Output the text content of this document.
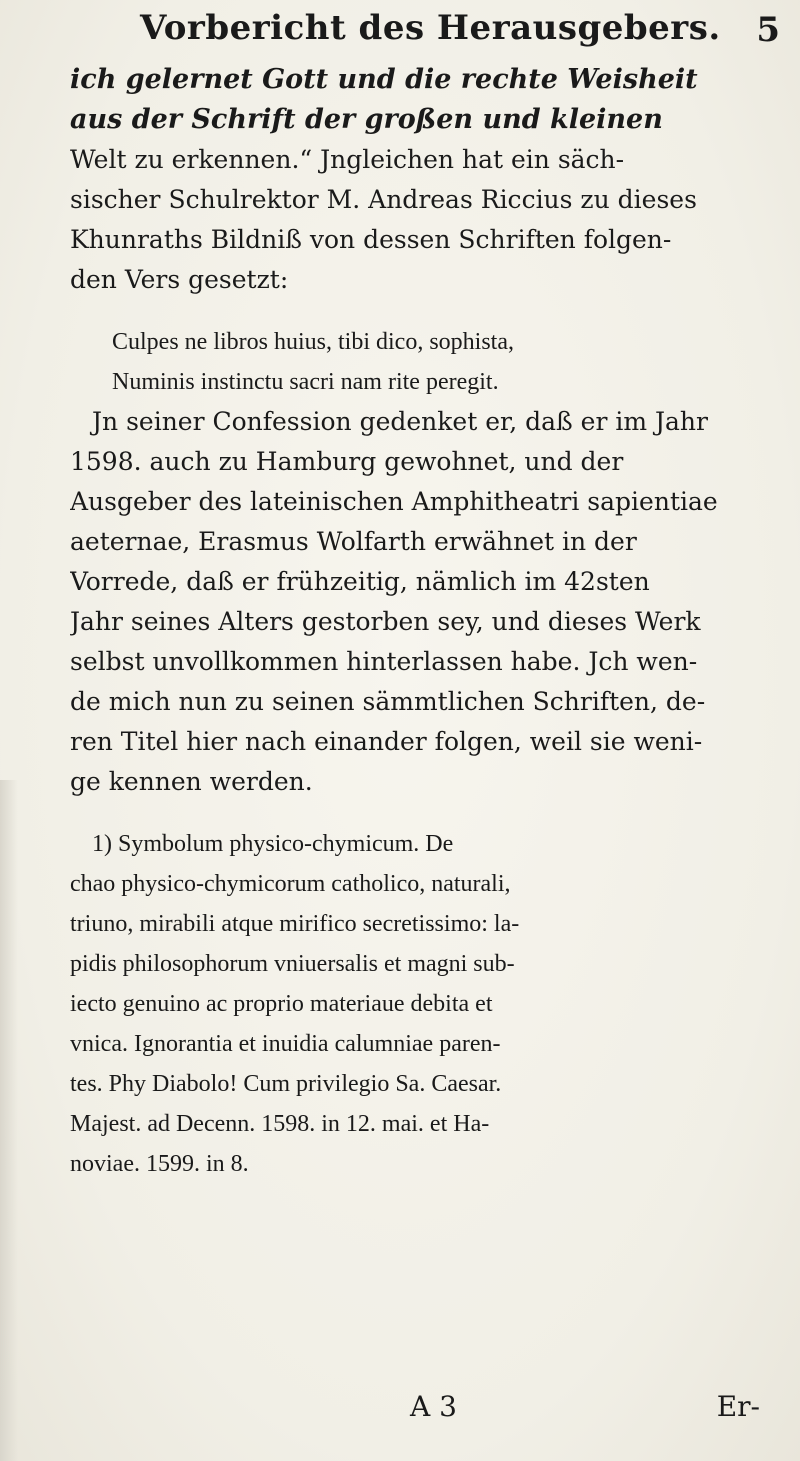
Vorbericht des Herausgebers. 5
ich gelernet Gott und die rechte Weisheit
aus der Schrift der großen und kleinen
Welt zu erkennen.“ Jngleichen hat ein säch-
sischer Schulrektor M. Andreas Riccius zu dieses
Khunraths Bildniß von dessen Schriften folgen-
den Vers gesetzt:
Culpes ne libros huius, tibi dico, sophista,
Numinis instinctu sacri nam rite peregit.
Jn seiner Confession gedenket er, daß er im Jahr
1598. auch zu Hamburg gewohnet, und der
Ausgeber des lateinischen Amphitheatri sapientiae
aeternae, Erasmus Wolfarth erwähnet in der
Vorrede, daß er frühzeitig, nämlich im 42sten
Jahr seines Alters gestorben sey, und dieses Werk
selbst unvollkommen hinterlassen habe. Jch wen-
de mich nun zu seinen sämmtlichen Schriften, de-
ren Titel hier nach einander folgen, weil sie weni-
ge kennen werden.
1) Symbolum physico-chymicum. De
chao physico-chymicorum catholico, naturali,
triuno, mirabili atque mirifico secretissimo: la-
pidis philosophorum vniuersalis et magni sub-
iecto genuino ac proprio materiaue debita et
vnica. Ignorantia et inuidia calumniae paren-
tes. Phy Diabolo! Cum privilegio Sa. Caesar.
Majest. ad Decenn. 1598. in 12. mai. et Ha-
noviae. 1599. in 8.
A 3	Er-
